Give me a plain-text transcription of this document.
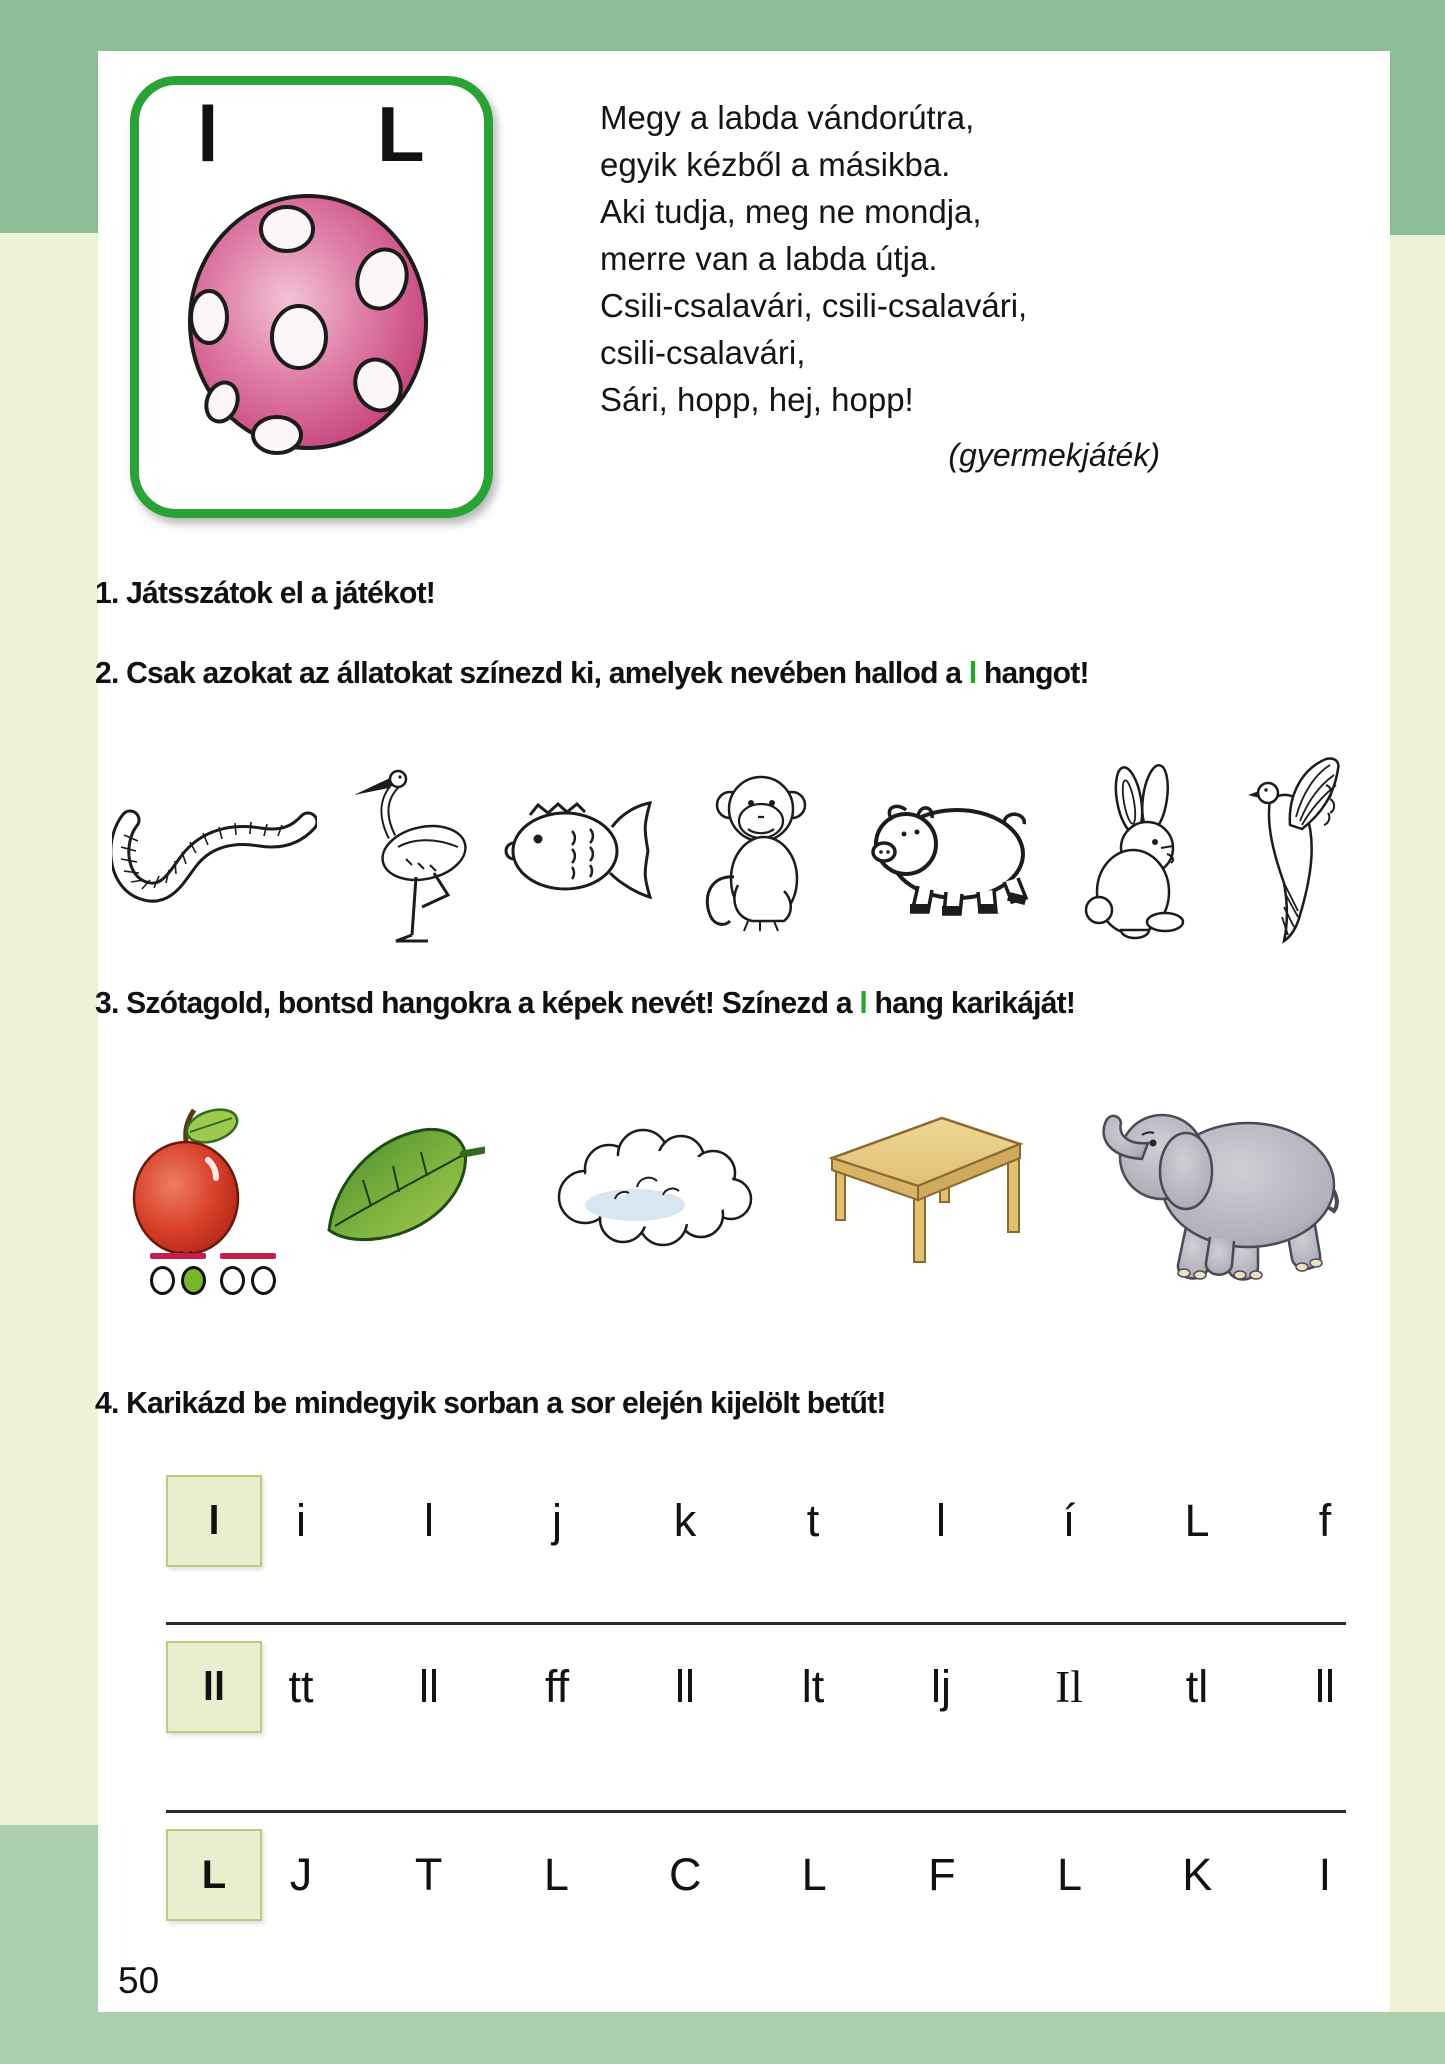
l L	Megy a labda vándorútra,
egyik kézből a másikba.
Aki tudja, meg ne mondja,
merre van a labda útja.
Csili-csalavári, csili-csalavári,
csili-csalavári,
Sári, hopp, hej, hopp!
(gyermekjáték)
1. Játsszátok el a játékot!
2. Csak azokat az állatokat színezd ki, amelyek nevében hallod a l hangot!
3. Szótagold, bontsd hangokra a képek nevét! Színezd a l hang karikáját!
4. Karikázd be mindegyik sorban a sor elején kijelölt betűt!
l	i	l	j k t	l	í L f
ll	tt ll ff ll lt lj Il tl ll
L	J T L C L F L K I
50
